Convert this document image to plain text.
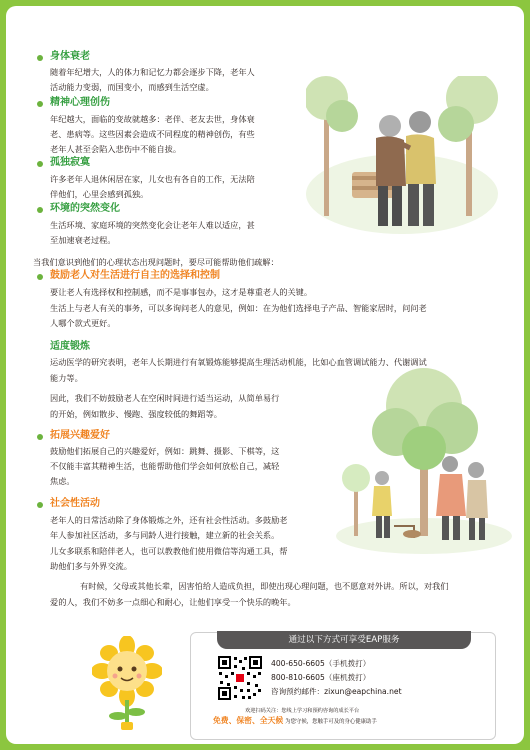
身体衰老
随着年纪增大，人的体力和记忆力都会逐步下降，老年人
活动能力变弱，而国变小，而感到生活空虚。
精神心理创伤
年纪越大，面临的变故就越多：老伴、老友去世，身体衰
老、患病等。这些因素会造成不同程度的精神创伤，有些
老年人甚至会陷入悲伤中不能自拔。
孤独寂寞
许多老年人退休闲居在家，儿女也有各自的工作，无法陪
伴他们，心里会感到孤独。
环境的突然变化
生活环境、家庭环境的突然变化会让老年人难以适应，甚
至加速衰老过程。
当我们意识到他们的心理状态出现问题时，要尽可能帮助他们疏解：
鼓励老人对生活进行自主的选择和控制
要让老人有选择权和控制感，而不是事事包办，这才是尊重老人的关键。
生活上与老人有关的事务，可以多询问老人的意见，例如：在为他们选择电子产品、智能家居时，问问老
人哪个款式更好。
适度锻炼
运动医学的研究表明，老年人长期进行有氧锻炼能够提高生理活动机能，比如心血管调试能力、代谢调试
能力等。
因此，我们不妨鼓励老人在空闲时间进行适当运动，从简单易行
的开始，例如散步、慢跑、强度较低的舞蹈等。
拓展兴趣爱好
鼓励他们拓展自己的兴趣爱好，例如：跳舞、摄影、下棋等，这
不仅能丰富其精神生活，也能帮助他们学会如何放松自己，减轻
焦虑。
社会性活动
老年人的日常活动除了身体锻炼之外，还有社会性活动。多鼓励老
年人参加社区活动，多与同龄人进行接触，建立新的社会关系。
儿女多联系和陪伴老人，也可以教教他们使用微信等沟通工具，帮
助他们多与外界交流。
有时候，父母或其他长辈，因害怕给人造成负担，即使出现心理问题，也不愿意对外讲。所以，对我们
爱的人，我们不妨多一点细心和耐心，让他们享受一个快乐的晚年。
通过以下方式可享受EAP服务
400-650-6605（手机拨打）
800-810-6605（座机拨打）
咨询预约邮件：zixun@eapchina.net
欢迎扫码关注：您线上学习和预约咨询的成长平台
免费、保密、全天候 为您守候，您触手可及的身心健康助手
